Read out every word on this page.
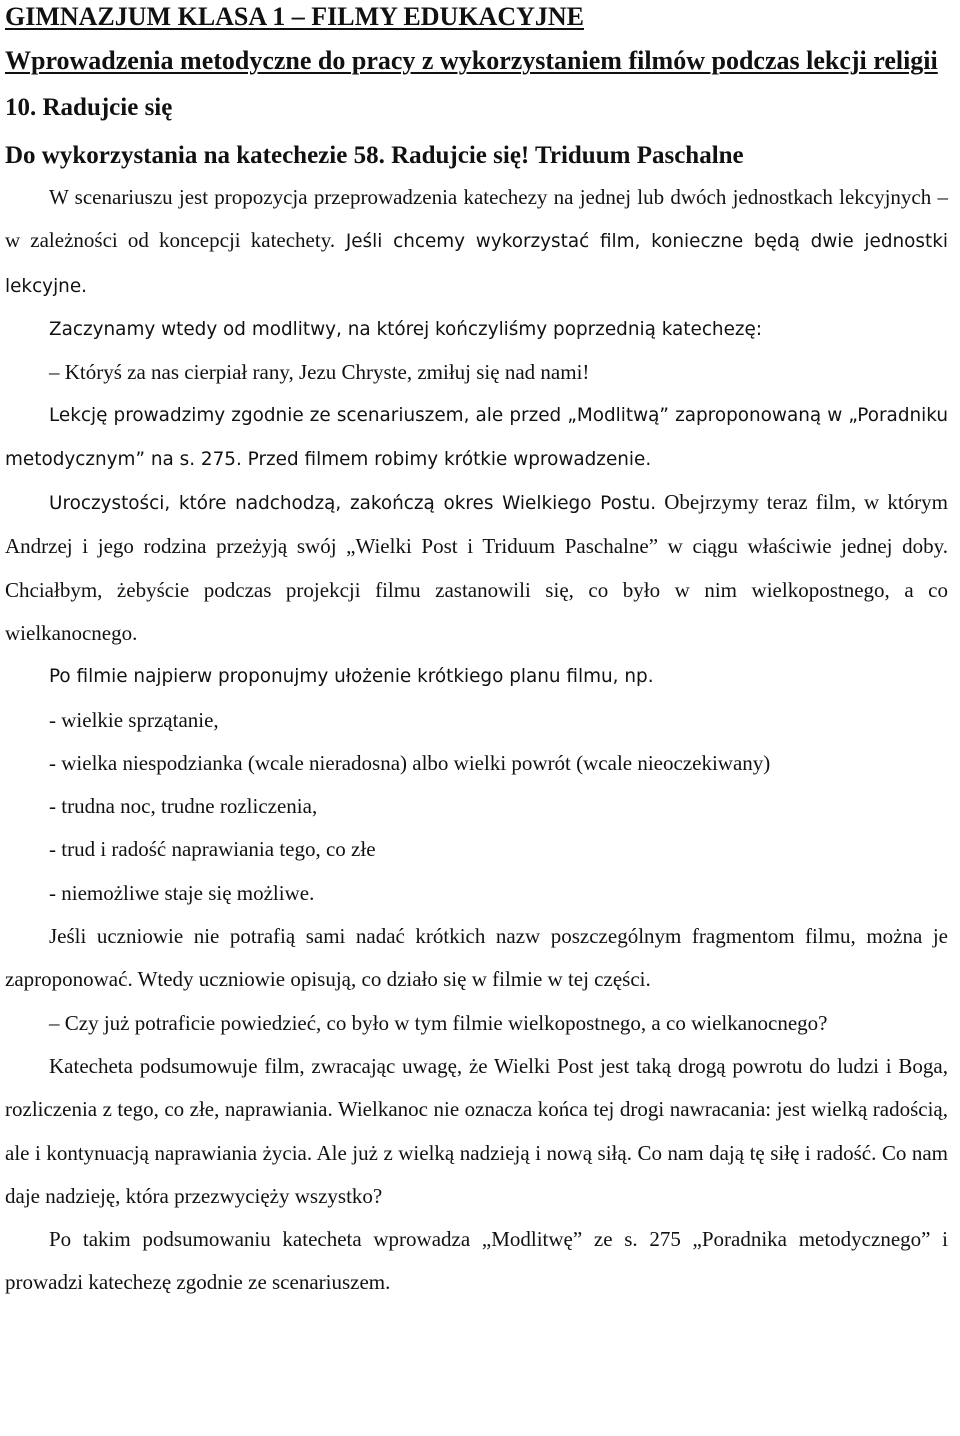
GIMNAZJUM KLASA 1 – FILMY EDUKACYJNE

Wprowadzenia metodyczne do pracy z wykorzystaniem filmów podczas lekcji religii

10. Radujcie się

Do wykorzystania na katechezie 58. Radujcie się! Triduum Paschalne

W scenariuszu jest propozycja przeprowadzenia katechezy na jednej lub dwóch jednostkach lekcyjnych – w zależności od koncepcji katechety. Jeśli chcemy wykorzystać film, konieczne będą dwie jednostki lekcyjne.

Zaczynamy wtedy od modlitwy, na której kończyliśmy poprzednią katechezę:

– Któryś za nas cierpiał rany, Jezu Chryste, zmiłuj się nad nami!

Lekcję prowadzimy zgodnie ze scenariuszem, ale przed „Modlitwą” zaproponowaną w „Poradniku metodycznym” na s. 275. Przed filmem robimy krótkie wprowadzenie.

Uroczystości, które nadchodzą, zakończą okres Wielkiego Postu. Obejrzymy teraz film, w którym Andrzej i jego rodzina przeżyją swój „Wielki Post i Triduum Paschalne” w ciągu właściwie jednej doby. Chciałbym, żebyście podczas projekcji filmu zastanowili się, co było w nim wielkopostnego, a co wielkanocnego.

Po filmie najpierw proponujmy ułożenie krótkiego planu filmu, np.

- wielkie sprzątanie,

- wielka niespodzianka (wcale nieradosna) albo wielki powrót (wcale nieoczekiwany)

- trudna noc, trudne rozliczenia,

- trud i radość naprawiania tego, co złe

- niemożliwe staje się możliwe.

Jeśli uczniowie nie potrafią sami nadać krótkich nazw poszczególnym fragmentom filmu, można je zaproponować. Wtedy uczniowie opisują, co działo się w filmie w tej części.

– Czy już potraficie powiedzieć, co było w tym filmie wielkopostnego, a co wielkanocnego?

Katecheta podsumowuje film, zwracając uwagę, że Wielki Post jest taką drogą powrotu do ludzi i Boga, rozliczenia z tego, co złe, naprawiania. Wielkanoc nie oznacza końca tej drogi nawracania: jest wielką radością, ale i kontynuacją naprawiania życia. Ale już z wielką nadzieją i nową siłą. Co nam dają tę siłę i radość. Co nam daje nadzieję, która przezwycięży wszystko?

Po takim podsumowaniu katecheta wprowadza „Modlitwę” ze s. 275 „Poradnika metodycznego” i prowadzi katechezę zgodnie ze scenariuszem.
